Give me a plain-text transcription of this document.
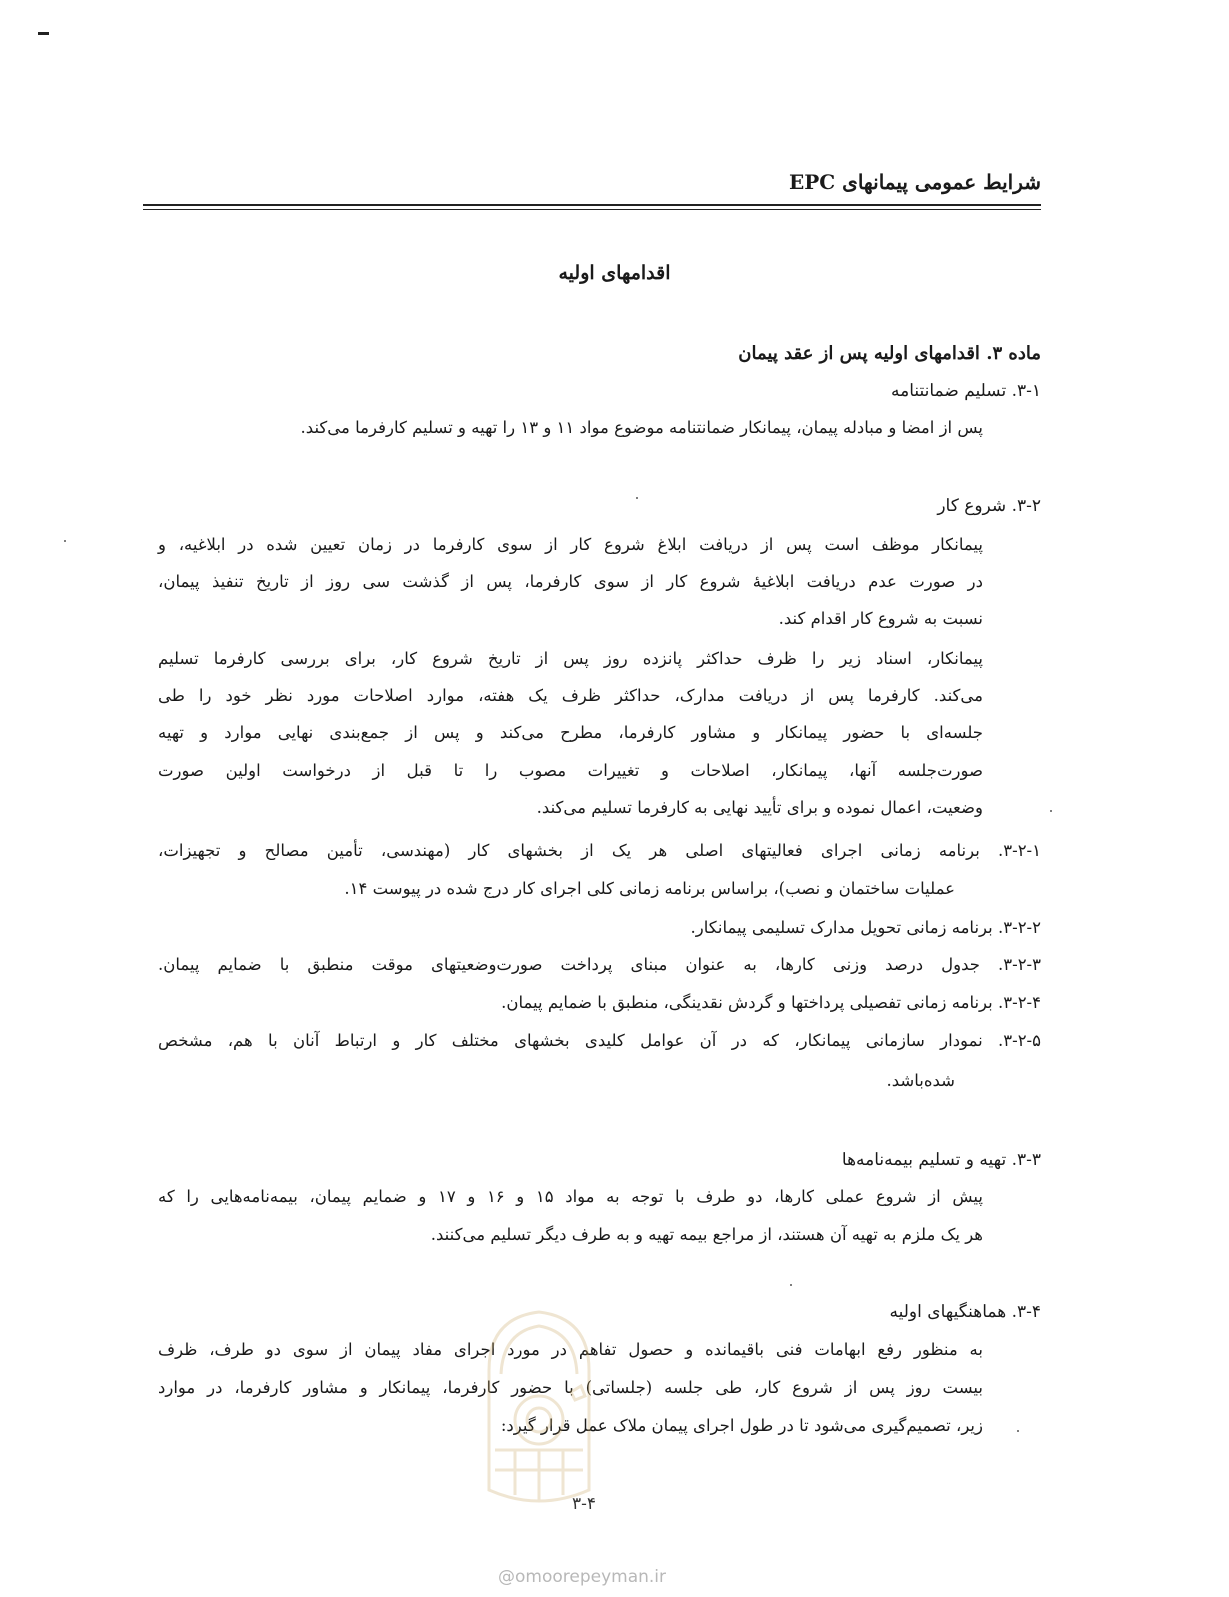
شرایط عمومی پیمانهای EPC
اقدامهای اولیه
ماده ۳. اقدامهای اولیه پس از عقد پیمان
۳-۱. تسلیم ضمانتنامه
پس از امضا و مبادله پیمان، پیمانکار ضمانتنامه موضوع مواد ۱۱ و ۱۳ را تهیه و تسلیم کارفرما می‌کند.
۳-۲. شروع کار
پیمانکار موظف است پس از دریافت ابلاغ شروع کار از سوی کارفرما در زمان تعیین شده در ابلاغیه، و
در صورت عدم دریافت ابلاغیهٔ شروع کار از سوی کارفرما، پس از گذشت سی روز از تاریخ تنفیذ پیمان،
نسبت به شروع کار اقدام کند.
پیمانکار، اسناد زیر را ظرف حداکثر پانزده روز پس از تاریخ شروع کار، برای بررسی کارفرما تسلیم
می‌کند. کارفرما پس از دریافت مدارک، حداکثر ظرف یک هفته، موارد اصلاحات مورد نظر خود را طی
جلسه‌ای با حضور پیمانکار و مشاور کارفرما، مطرح می‌کند و پس از جمع‌بندی نهایی موارد و تهیه
صورت‌جلسه آنها، پیمانکار، اصلاحات و تغییرات مصوب را تا قبل از درخواست اولین صورت
وضعیت، اعمال نموده و برای تأیید نهایی به کارفرما تسلیم می‌کند.
۳-۲-۱. برنامه زمانی اجرای فعالیتهای اصلی هر یک از بخشهای کار (مهندسی، تأمین مصالح و تجهیزات،
عملیات ساختمان و نصب)، براساس برنامه زمانی کلی اجرای کار درج شده در پیوست ۱۴.
۳-۲-۲. برنامه زمانی تحویل مدارک تسلیمی پیمانکار.
۳-۲-۳. جدول درصد وزنی کارها، به عنوان مبنای پرداخت صورت‌وضعیتهای موقت منطبق با ضمایم پیمان.
۳-۲-۴. برنامه زمانی تفصیلی پرداختها و گردش نقدینگی، منطبق با ضمایم پیمان.
۳-۲-۵. نمودار سازمانی پیمانکار، که در آن عوامل کلیدی بخشهای مختلف کار و ارتباط آنان با هم، مشخص
شده‌باشد.
۳-۳. تهیه و تسلیم بیمه‌نامه‌ها
پیش از شروع عملی کارها، دو طرف با توجه به مواد ۱۵ و ۱۶ و ۱۷ و ضمایم پیمان، بیمه‌نامه‌هایی را که
هر یک ملزم به تهیه آن هستند، از مراجع بیمه تهیه و به طرف دیگر تسلیم می‌کنند.
۳-۴. هماهنگیهای اولیه
به منظور رفع ابهامات فنی باقیمانده و حصول تفاهم در مورد اجرای مفاد پیمان از سوی دو طرف، ظرف
بیست روز پس از شروع کار، طی جلسه (جلساتی) با حضور کارفرما، پیمانکار و مشاور کارفرما، در موارد
زیر، تصمیم‌گیری می‌شود تا در طول اجرای پیمان ملاک عمل قرار گیرد:
۳-۴
@omoorepeyman.ir
